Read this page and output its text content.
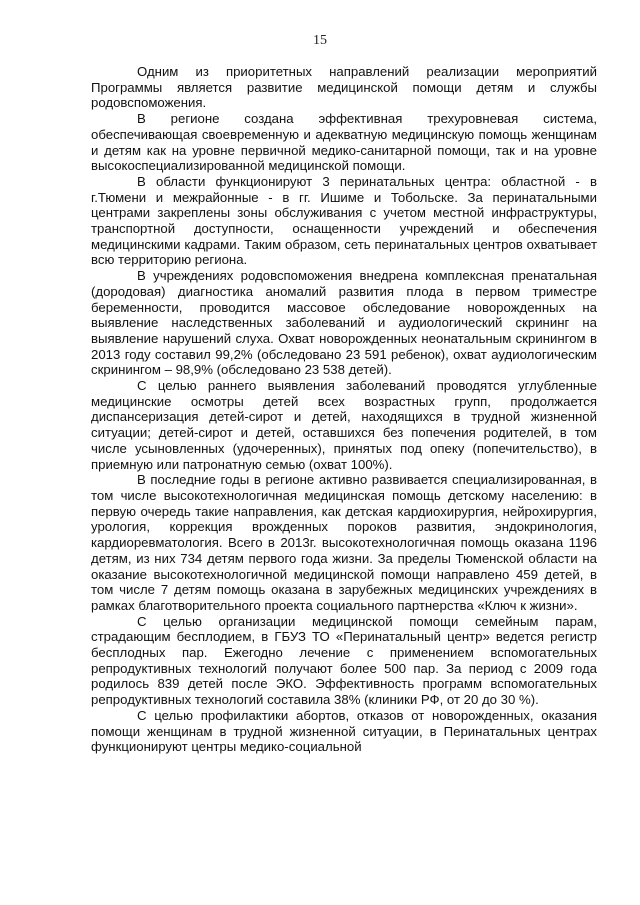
15

Одним из приоритетных направлений реализации мероприятий Программы является развитие медицинской помощи детям и службы родовспоможения.

В регионе создана эффективная трехуровневая система, обеспечивающая своевременную и адекватную медицинскую помощь женщинам и детям как на уровне первичной медико-санитарной помощи, так и на уровне высокоспециализированной медицинской помощи.

В области функционируют 3 перинатальных центра: областной - в г.Тюмени и межрайонные - в гг. Ишиме и Тобольске. За перинатальными центрами закреплены зоны обслуживания с учетом местной инфраструктуры, транспортной доступности, оснащенности учреждений и обеспечения медицинскими кадрами. Таким образом, сеть перинатальных центров охватывает всю территорию региона.

В учреждениях родовспоможения внедрена комплексная пренатальная (дородовая) диагностика аномалий развития плода в первом триместре беременности, проводится массовое обследование новорожденных на выявление наследственных заболеваний и аудиологический скрининг на выявление нарушений слуха. Охват новорожденных неонатальным скринингом в 2013 году составил 99,2% (обследовано 23 591 ребенок), охват аудиологическим скринингом – 98,9% (обследовано 23 538 детей).

С целью раннего выявления заболеваний проводятся углубленные медицинские осмотры детей всех возрастных групп, продолжается диспансеризация детей-сирот и детей, находящихся в трудной жизненной ситуации; детей-сирот и детей, оставшихся без попечения родителей, в том числе усыновленных (удочеренных), принятых под опеку (попечительство), в приемную или патронатную семью (охват 100%).

В последние годы в регионе активно развивается специализированная, в том числе высокотехнологичная медицинская помощь детскому населению: в первую очередь такие направления, как детская кардиохирургия, нейрохирургия, урология, коррекция врожденных пороков развития, эндокринология, кардиоревматология. Всего в 2013г. высокотехнологичная помощь оказана 1196 детям, из них 734 детям первого года жизни. За пределы Тюменской области на оказание высокотехнологичной медицинской помощи направлено 459 детей, в том числе 7 детям помощь оказана в зарубежных медицинских учреждениях в рамках благотворительного проекта социального партнерства «Ключ к жизни».

С целью организации медицинской помощи семейным парам, страдающим бесплодием, в ГБУЗ ТО «Перинатальный центр» ведется регистр бесплодных пар. Ежегодно лечение с применением вспомогательных репродуктивных технологий получают более 500 пар. За период с 2009 года родилось 839 детей после ЭКО. Эффективность программ вспомогательных репродуктивных технологий составила 38% (клиники РФ, от 20 до 30 %).

С целью профилактики абортов, отказов от новорожденных, оказания помощи женщинам в трудной жизненной ситуации, в Перинатальных центрах функционируют центры медико-социальной
